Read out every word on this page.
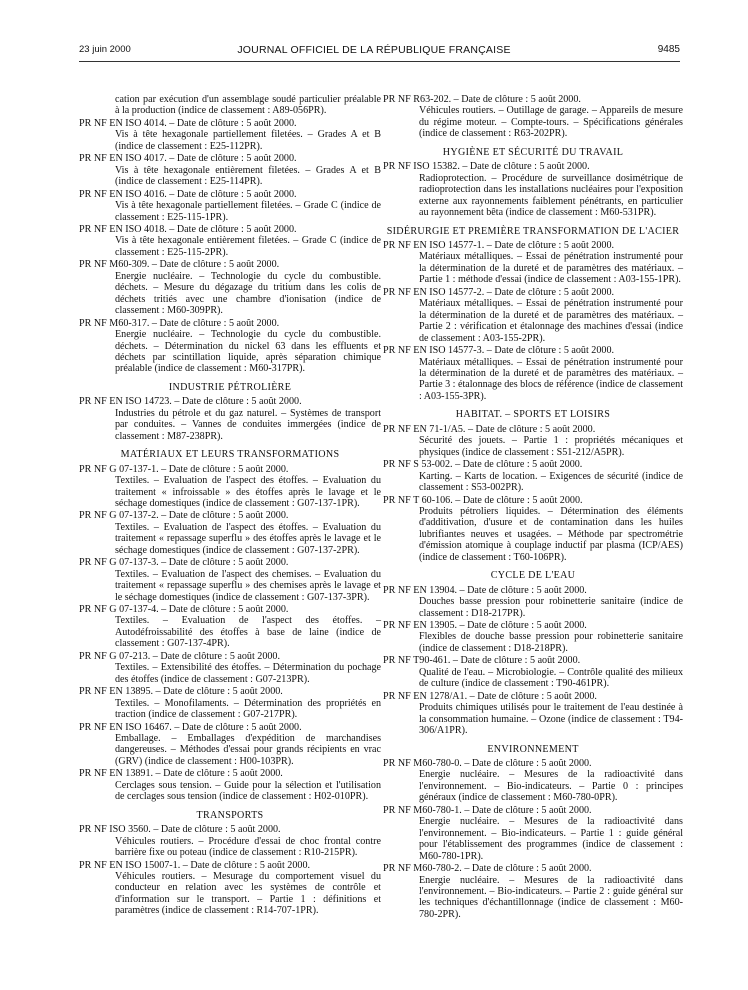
23 juin 2000	JOURNAL OFFICIEL DE LA RÉPUBLIQUE FRANÇAISE	9485
cation par exécution d'un assemblage soudé particulier préalable à la production (indice de classement : A89-056PR).
PR NF EN ISO 4014. – Date de clôture : 5 août 2000.
Vis à tête hexagonale partiellement filetées. – Grades A et B (indice de classement : E25-112PR).
PR NF EN ISO 4017. – Date de clôture : 5 août 2000.
Vis à tête hexagonale entièrement filetées. – Grades A et B (indice de classement : E25-114PR).
PR NF EN ISO 4016. – Date de clôture : 5 août 2000.
Vis à tête hexagonale partiellement filetées. – Grade C (indice de classement : E25-115-1PR).
PR NF EN ISO 4018. – Date de clôture : 5 août 2000.
Vis à tête hexagonale entièrement filetées. – Grade C (indice de classement : E25-115-2PR).
PR NF M60-309. – Date de clôture : 5 août 2000.
Energie nucléaire. – Technologie du cycle du combustible. déchets. – Mesure du dégazage du tritium dans les colis de déchets tritiés avec une chambre d'ionisation (indice de classement : M60-309PR).
PR NF M60-317. – Date de clôture : 5 août 2000.
Energie nucléaire. – Technologie du cycle du combustible. déchets. – Détermination du nickel 63 dans les effluents et déchets par scintillation liquide, après séparation chimique préalable (indice de classement : M60-317PR).
INDUSTRIE PÉTROLIÈRE
PR NF EN ISO 14723. – Date de clôture : 5 août 2000.
Industries du pétrole et du gaz naturel. – Systèmes de transport par conduites. – Vannes de conduites immergées (indice de classement : M87-238PR).
MATÉRIAUX ET LEURS TRANSFORMATIONS
PR NF G 07-137-1. – Date de clôture : 5 août 2000.
Textiles. – Evaluation de l'aspect des étoffes. – Evaluation du traitement « infroissable » des étoffes après le lavage et le séchage domestiques (indice de classement : G07-137-1PR).
PR NF G 07-137-2. – Date de clôture : 5 août 2000.
Textiles. – Evaluation de l'aspect des étoffes. – Evaluation du traitement « repassage superflu » des étoffes après le lavage et le séchage domestiques (indice de classement : G07-137-2PR).
PR NF G 07-137-3. – Date de clôture : 5 août 2000.
Textiles. – Evaluation de l'aspect des chemises. – Evaluation du traitement « repassage superflu » des chemises après le lavage et le séchage domestiques (indice de classement : G07-137-3PR).
PR NF G 07-137-4. – Date de clôture : 5 août 2000.
Textiles. – Evaluation de l'aspect des étoffes. – Autodéfroissabilité des étoffes à base de laine (indice de classement : G07-137-4PR).
PR NF G 07-213. – Date de clôture : 5 août 2000.
Textiles. – Extensibilité des étoffes. – Détermination du pochage des étoffes (indice de classement : G07-213PR).
PR NF EN 13895. – Date de clôture : 5 août 2000.
Textiles. – Monofilaments. – Détermination des propriétés en traction (indice de classement : G07-217PR).
PR NF EN ISO 16467. – Date de clôture : 5 août 2000.
Emballage. – Emballages d'expédition de marchandises dangereuses. – Méthodes d'essai pour grands récipients en vrac (GRV) (indice de classement : H00-103PR).
PR NF EN 13891. – Date de clôture : 5 août 2000.
Cerclages sous tension. – Guide pour la sélection et l'utilisation de cerclages sous tension (indice de classement : H02-010PR).
TRANSPORTS
PR NF ISO 3560. – Date de clôture : 5 août 2000.
Véhicules routiers. – Procédure d'essai de choc frontal contre barrière fixe ou poteau (indice de classement : R10-215PR).
PR NF EN ISO 15007-1. – Date de clôture : 5 août 2000.
Véhicules routiers. – Mesurage du comportement visuel du conducteur en relation avec les systèmes de contrôle et d'information sur le transport. – Partie 1 : définitions et paramètres (indice de classement : R14-707-1PR).
PR NF R63-202. – Date de clôture : 5 août 2000.
Véhicules routiers. – Outillage de garage. – Appareils de mesure du régime moteur. – Compte-tours. – Spécifications générales (indice de classement : R63-202PR).
HYGIÈNE ET SÉCURITÉ DU TRAVAIL
PR NF ISO 15382. – Date de clôture : 5 août 2000.
Radioprotection. – Procédure de surveillance dosimétrique de radioprotection dans les installations nucléaires pour l'exposition externe aux rayonnements faiblement pénétrants, en particulier au rayonnement bêta (indice de classement : M60-531PR).
SIDÉRURGIE ET PREMIÈRE TRANSFORMATION DE L'ACIER
PR NF EN ISO 14577-1. – Date de clôture : 5 août 2000.
Matériaux métalliques. – Essai de pénétration instrumenté pour la détermination de la dureté et de paramètres des matériaux. – Partie 1 : méthode d'essai (indice de classement : A03-155-1PR).
PR NF EN ISO 14577-2. – Date de clôture : 5 août 2000.
Matériaux métalliques. – Essai de pénétration instrumenté pour la détermination de la dureté et de paramètres des matériaux. – Partie 2 : vérification et étalonnage des machines d'essai (indice de classement : A03-155-2PR).
PR NF EN ISO 14577-3. – Date de clôture : 5 août 2000.
Matériaux métalliques. – Essai de pénétration instrumenté pour la détermination de la dureté et de paramètres des matériaux. – Partie 3 : étalonnage des blocs de référence (indice de classement : A03-155-3PR).
HABITAT. – SPORTS ET LOISIRS
PR NF EN 71-1/A5. – Date de clôture : 5 août 2000.
Sécurité des jouets. – Partie 1 : propriétés mécaniques et physiques (indice de classement : S51-212/A5PR).
PR NF S 53-002. – Date de clôture : 5 août 2000.
Karting. – Karts de location. – Exigences de sécurité (indice de classement : S53-002PR).
PR NF T 60-106. – Date de clôture : 5 août 2000.
Produits pétroliers liquides. – Détermination des éléments d'additivation, d'usure et de contamination dans les huiles lubrifiantes neuves et usagées. – Méthode par spectrométrie d'émission atomique à couplage inductif par plasma (ICP/AES) (indice de classement : T60-106PR).
CYCLE DE L'EAU
PR NF EN 13904. – Date de clôture : 5 août 2000.
Douches basse pression pour robinetterie sanitaire (indice de classement : D18-217PR).
PR NF EN 13905. – Date de clôture : 5 août 2000.
Flexibles de douche basse pression pour robinetterie sanitaire (indice de classement : D18-218PR).
PR NF T90-461. – Date de clôture : 5 août 2000.
Qualité de l'eau. – Microbiologie. – Contrôle qualité des milieux de culture (indice de classement : T90-461PR).
PR NF EN 1278/A1. – Date de clôture : 5 août 2000.
Produits chimiques utilisés pour le traitement de l'eau destinée à la consommation humaine. – Ozone (indice de classement : T94-306/A1PR).
ENVIRONNEMENT
PR NF M60-780-0. – Date de clôture : 5 août 2000.
Energie nucléaire. – Mesures de la radioactivité dans l'environnement. – Bio-indicateurs. – Partie 0 : principes généraux (indice de classement : M60-780-0PR).
PR NF M60-780-1. – Date de clôture : 5 août 2000.
Energie nucléaire. – Mesures de la radioactivité dans l'environnement. – Bio-indicateurs. – Partie 1 : guide général pour l'établissement des programmes (indice de classement : M60-780-1PR).
PR NF M60-780-2. – Date de clôture : 5 août 2000.
Energie nucléaire. – Mesures de la radioactivité dans l'environnement. – Bio-indicateurs. – Partie 2 : guide général sur les techniques d'échantillonnage (indice de classement : M60-780-2PR).
